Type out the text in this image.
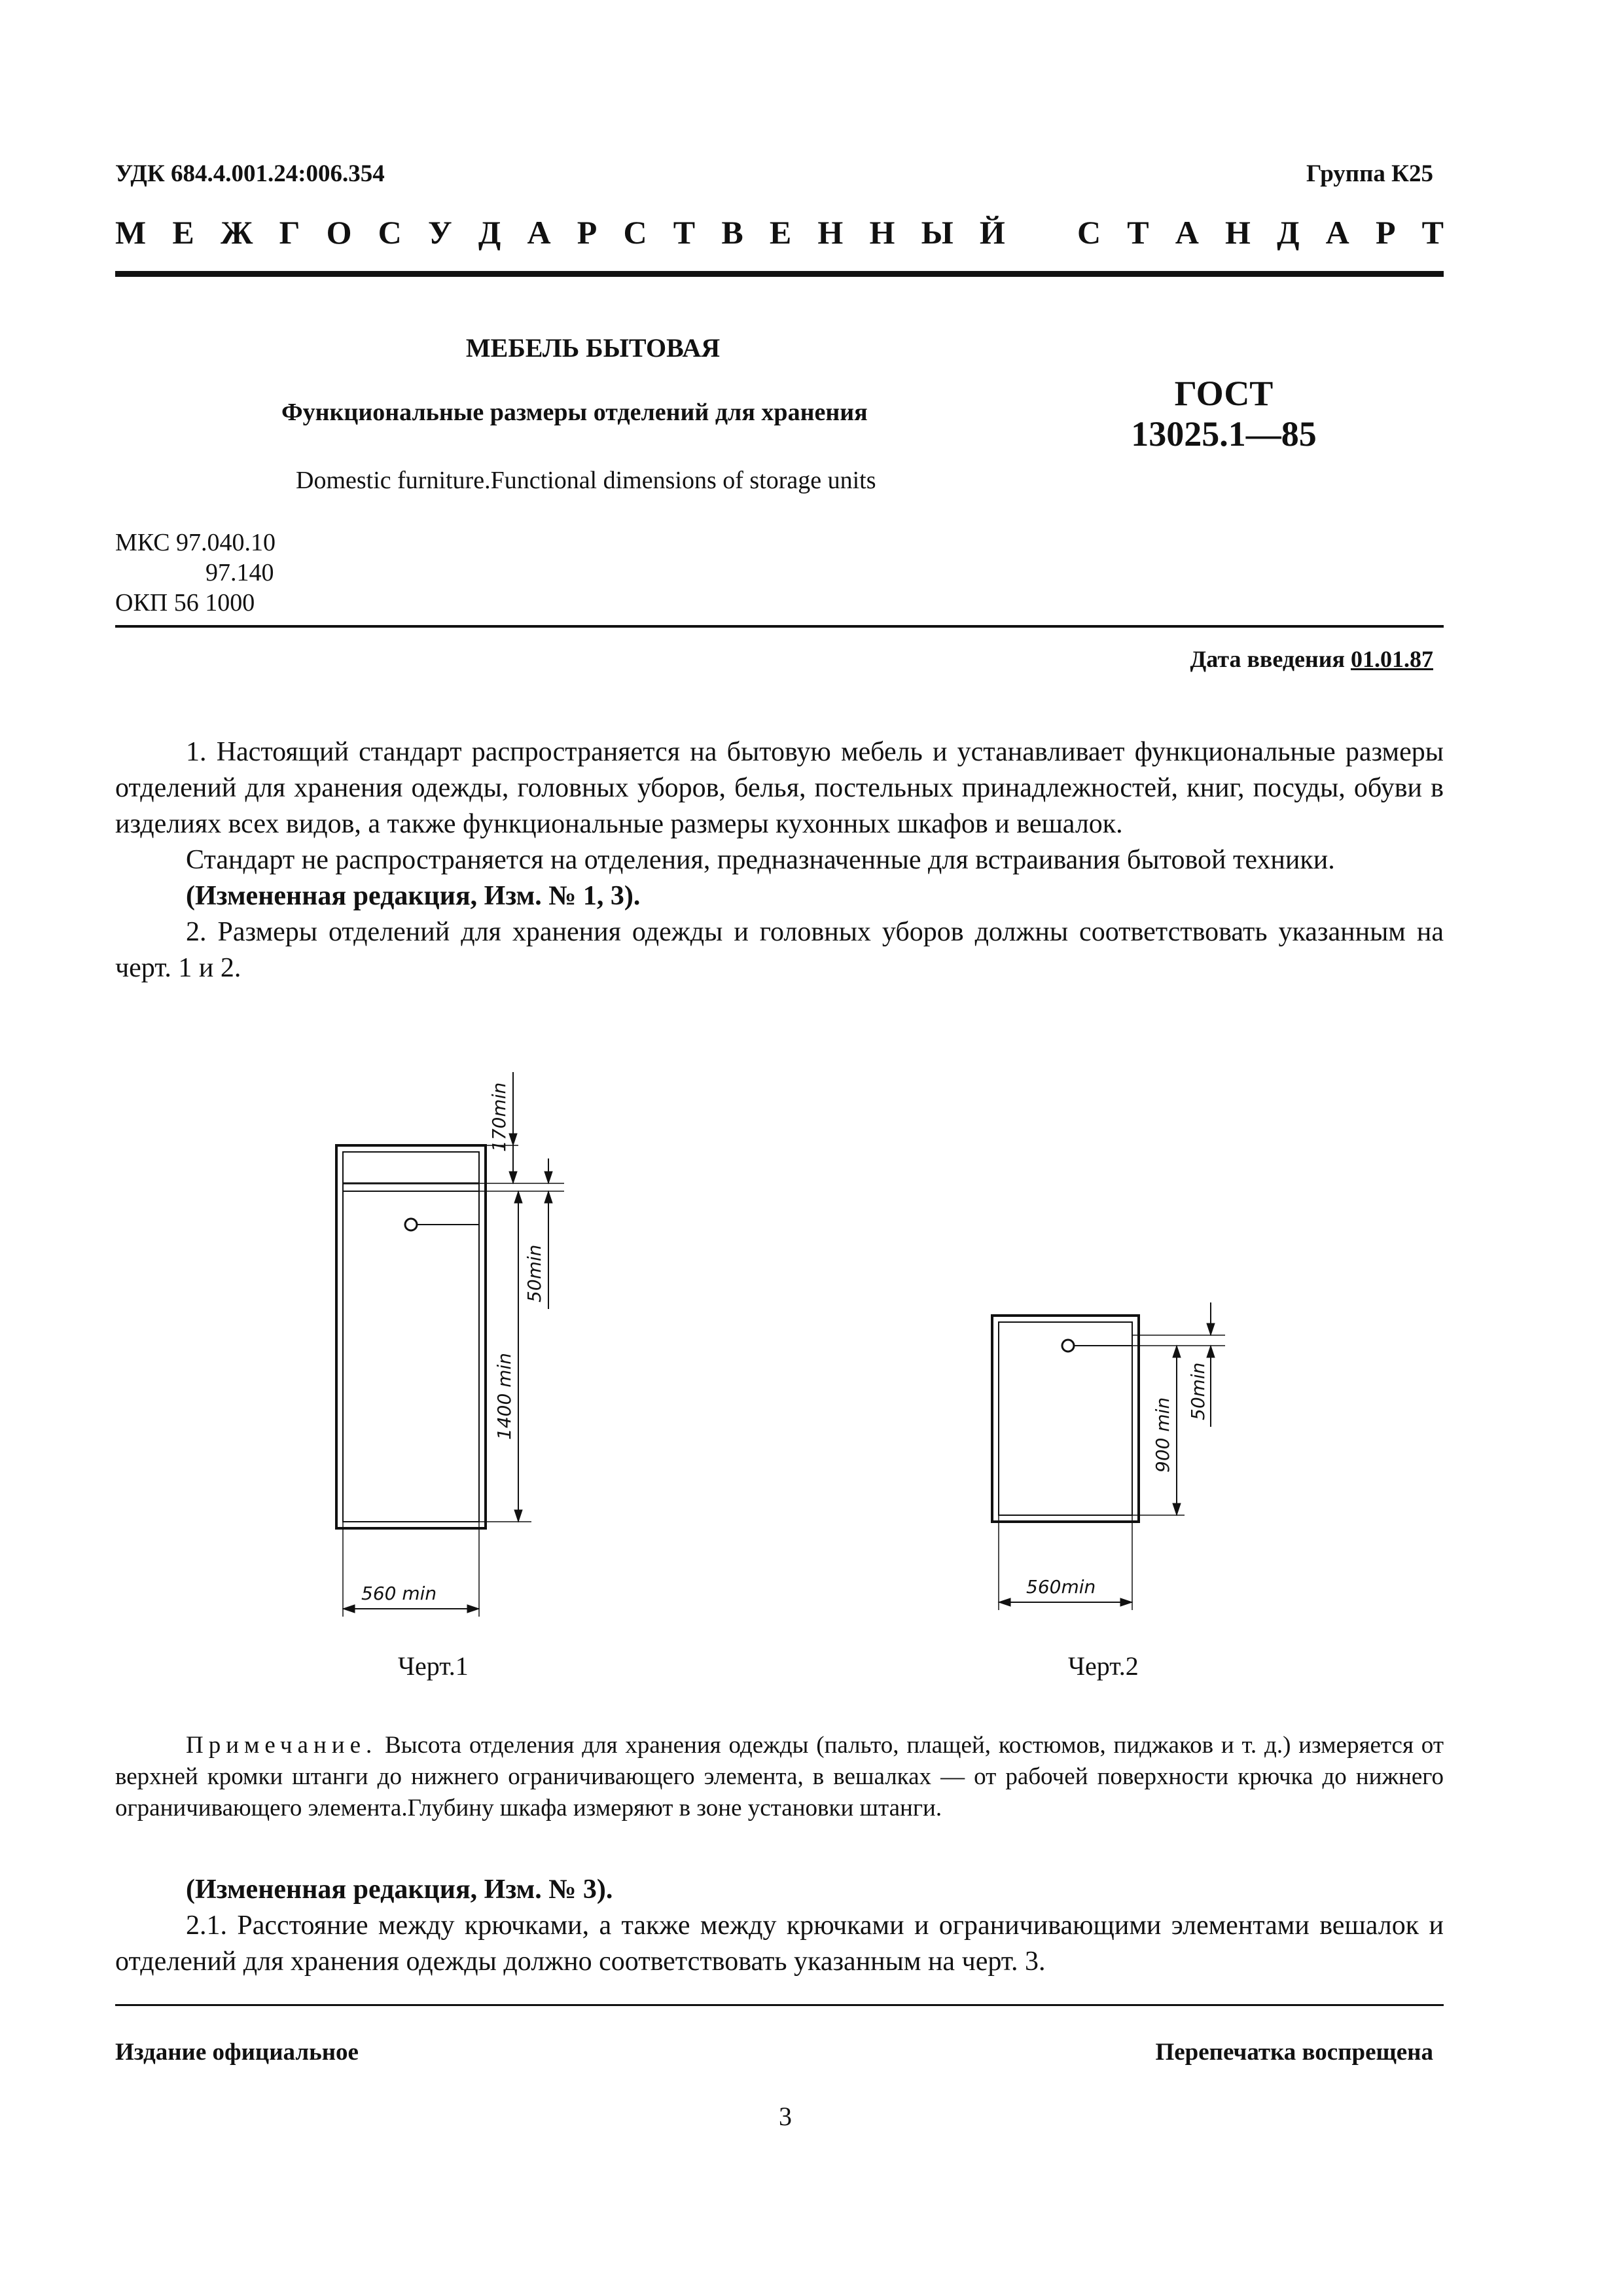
УДК 684.4.001.24:006.354	Группа К25
М Е Ж Г О С У Д А Р С Т В Е Н Н Ы Й С Т А Н Д А Р Т
МЕБЕЛЬ БЫТОВАЯ
Функциональные размеры отделений для хранения
Domestic furniture.Functional dimensions of storage units
ГОСТ
13025.1—85
МКС 97.040.10
97.140
ОКП 56 1000
Дата введения 01.01.87

1. Настоящий стандарт распространяется на бытовую мебель и устанавливает функциональные размеры отделений для хранения одежды, головных уборов, белья, постельных принадлежностей, книг, посуды, обуви в изделиях всех видов, а также функциональные размеры кухонных шкафов и вешалок.

Стандарт не распространяется на отделения, предназначенные для встраивания бытовой техники.

(Измененная редакция, Изм. № 1, 3).

2. Размеры отделений для хранения одежды и головных уборов должны соответствовать указанным на черт. 1 и 2.

170min
50min
1400 min
560 min
Черт.1
50min
900 min
560min
Черт.2

Примечание. Высота отделения для хранения одежды (пальто, плащей, костюмов, пиджаков и т. д.) измеряется от верхней кромки штанги до нижнего ограничивающего элемента, в вешалках — от рабочей поверхности крючка до нижнего ограничивающего элемента.Глубину шкафа измеряют в зоне установки штанги.

(Измененная редакция, Изм. № 3).

2.1. Расстояние между крючками, а также между крючками и ограничивающими элементами вешалок и отделений для хранения одежды должно соответствовать указанным на черт. 3.

Издание официальное	Перепечатка воспрещена
3
